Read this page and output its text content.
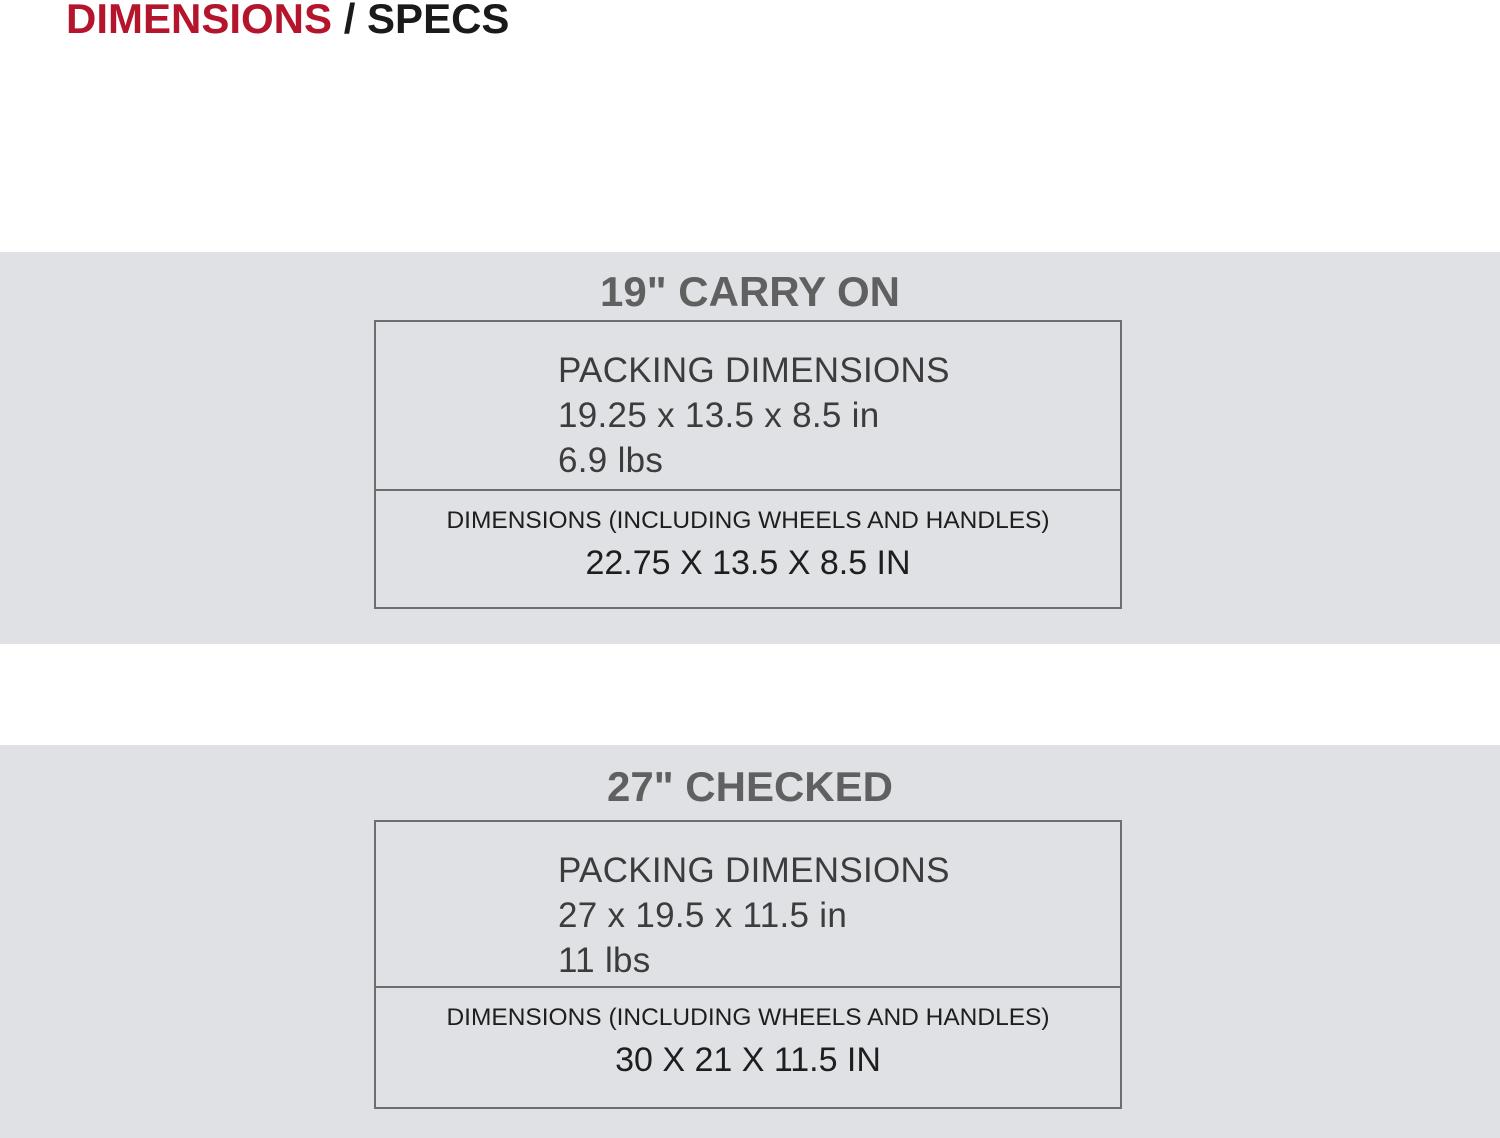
DIMENSIONS / SPECS
19" CARRY ON
PACKING DIMENSIONS
19.25 x 13.5 x 8.5 in
6.9 lbs
DIMENSIONS (INCLUDING WHEELS AND HANDLES)
22.75 X 13.5 X 8.5 IN
27" CHECKED
PACKING DIMENSIONS
27 x 19.5 x 11.5 in
11 lbs
DIMENSIONS (INCLUDING WHEELS AND HANDLES)
30 X 21 X 11.5 IN
